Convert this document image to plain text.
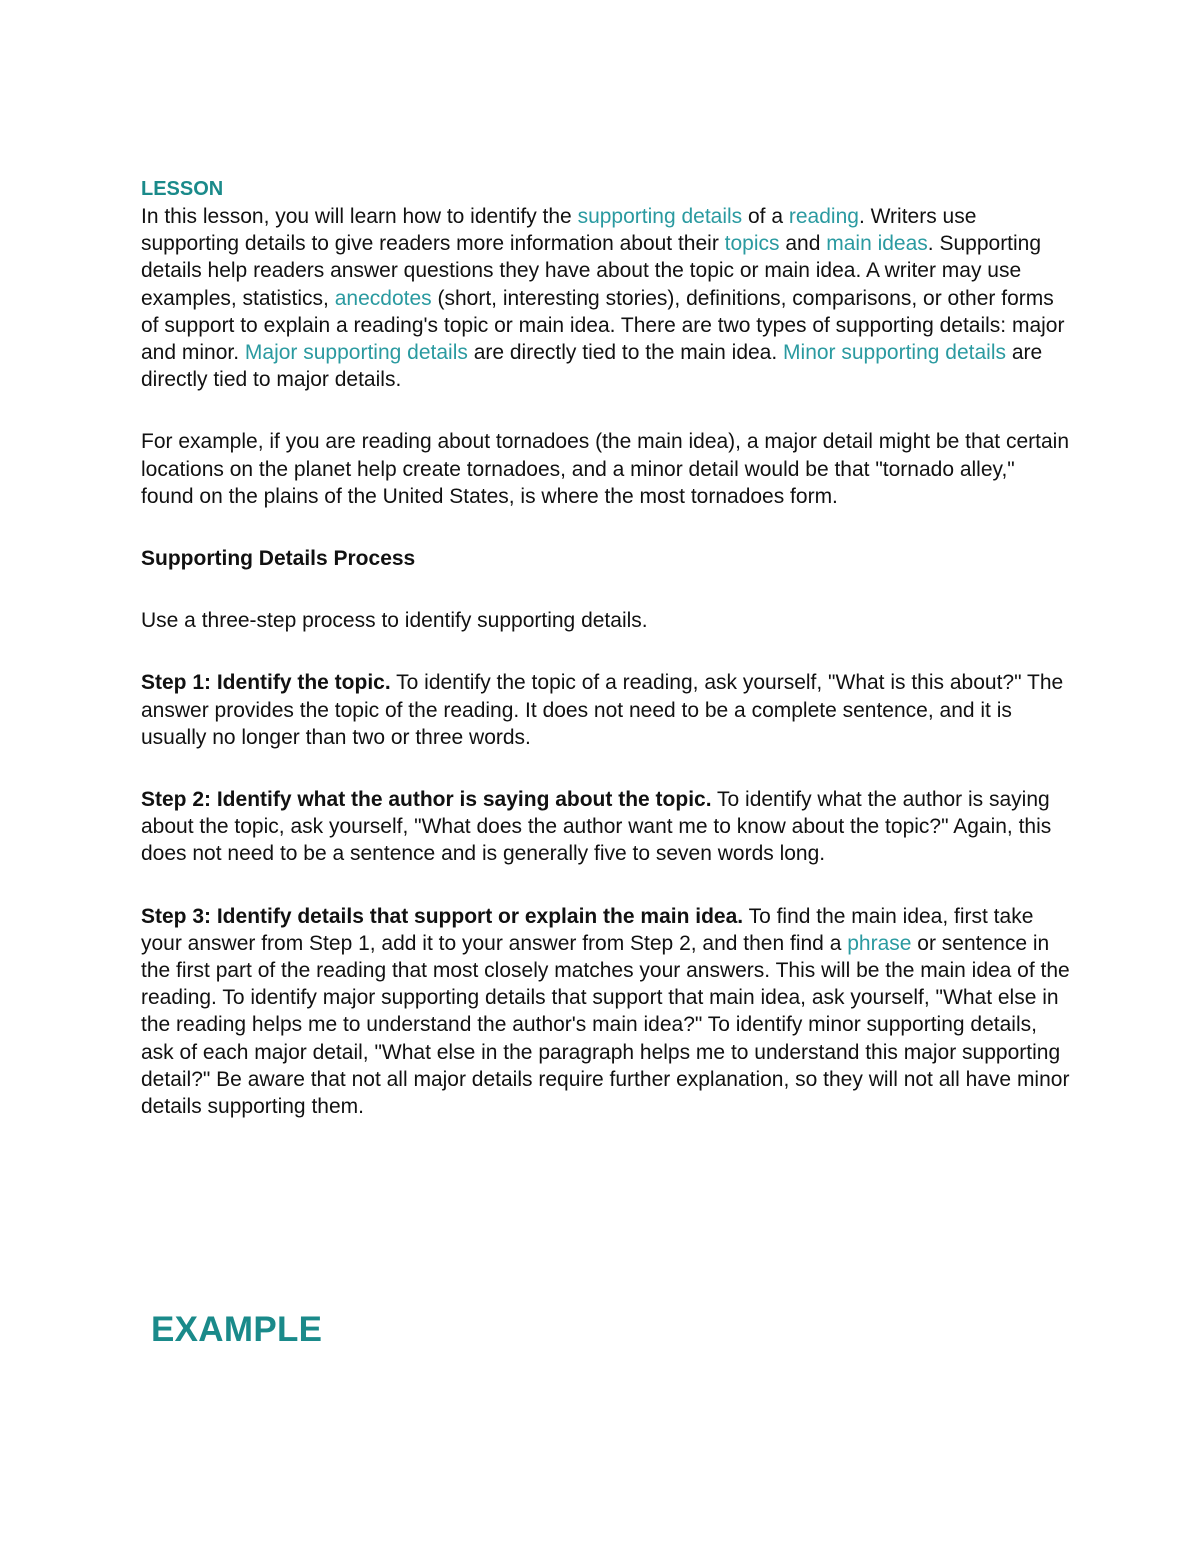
LESSON

In this lesson, you will learn how to identify the supporting details of a reading. Writers use supporting details to give readers more information about their topics and main ideas. Supporting details help readers answer questions they have about the topic or main idea. A writer may use examples, statistics, anecdotes (short, interesting stories), definitions, comparisons, or other forms of support to explain a reading's topic or main idea. There are two types of supporting details: major and minor. Major supporting details are directly tied to the main idea. Minor supporting details are directly tied to major details.

For example, if you are reading about tornadoes (the main idea), a major detail might be that certain locations on the planet help create tornadoes, and a minor detail would be that "tornado alley," found on the plains of the United States, is where the most tornadoes form.

Supporting Details Process

Use a three-step process to identify supporting details.

Step 1: Identify the topic. To identify the topic of a reading, ask yourself, "What is this about?" The answer provides the topic of the reading. It does not need to be a complete sentence, and it is usually no longer than two or three words.

Step 2: Identify what the author is saying about the topic. To identify what the author is saying about the topic, ask yourself, "What does the author want me to know about the topic?" Again, this does not need to be a sentence and is generally five to seven words long.

Step 3: Identify details that support or explain the main idea. To find the main idea, first take your answer from Step 1, add it to your answer from Step 2, and then find a phrase or sentence in the first part of the reading that most closely matches your answers. This will be the main idea of the reading. To identify major supporting details that support that main idea, ask yourself, "What else in the reading helps me to understand the author's main idea?" To identify minor supporting details, ask of each major detail, "What else in the paragraph helps me to understand this major supporting detail?" Be aware that not all major details require further explanation, so they will not all have minor details supporting them.

EXAMPLE
